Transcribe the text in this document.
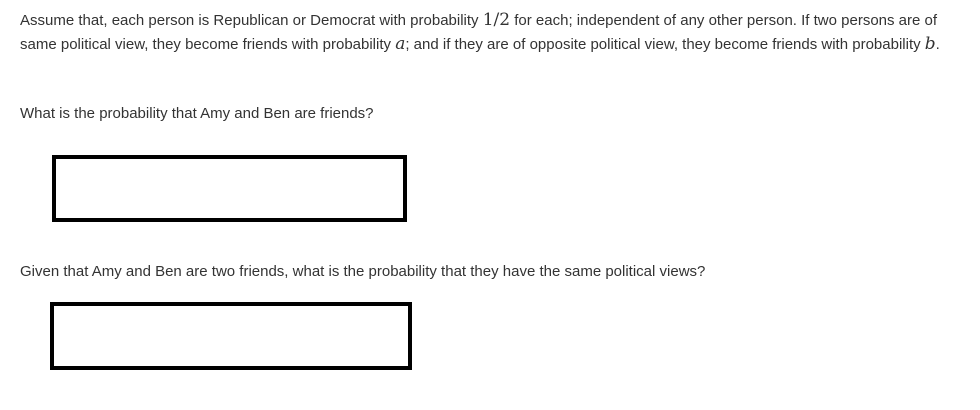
Assume that, each person is Republican or Democrat with probability 1/2 for each; independent of any other person. If two persons are of same political view, they become friends with probability a; and if they are of opposite political view, they become friends with probability b.

What is the probability that Amy and Ben are friends?

Given that Amy and Ben are two friends, what is the probability that they have the same political views?
